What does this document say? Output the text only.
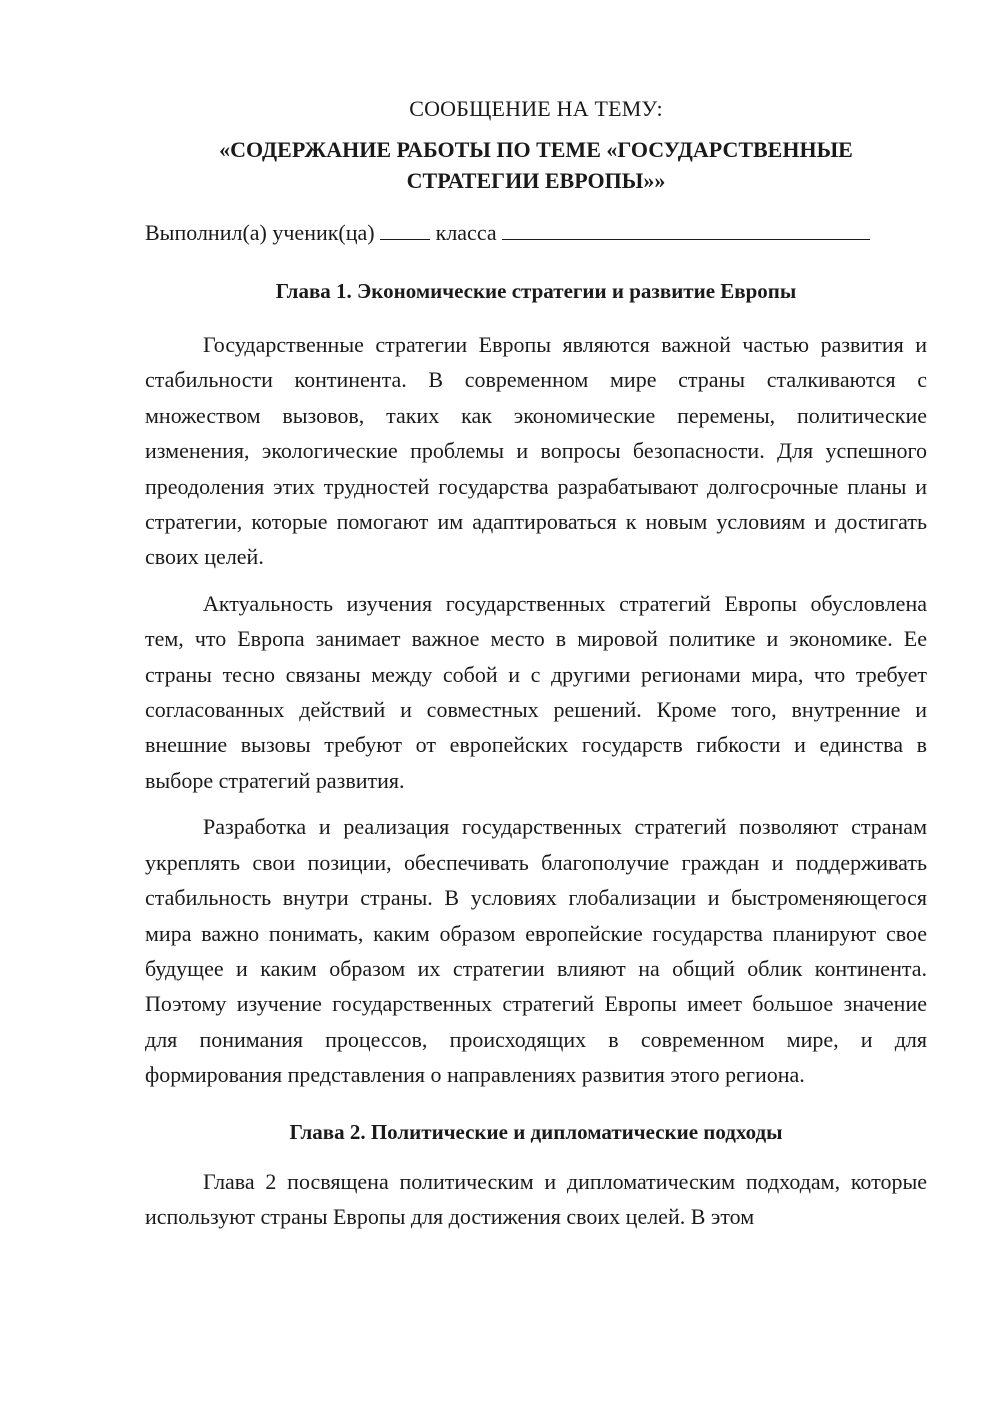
СООБЩЕНИЕ НА ТЕМУ:

«СОДЕРЖАНИЕ РАБОТЫ ПО ТЕМЕ «ГОСУДАРСТВЕННЫЕ СТРАТЕГИИ ЕВРОПЫ»»

Выполнил(а) ученик(ца)	класса

Глава 1. Экономические стратегии и развитие Европы

Государственные стратегии Европы являются важной частью развития и стабильности континента. В современном мире страны сталкиваются с множеством вызовов, таких как экономические перемены, политические изменения, экологические проблемы и вопросы безопасности. Для успешного преодоления этих трудностей государства разрабатывают долгосрочные планы и стратегии, которые помогают им адаптироваться к новым условиям и достигать своих целей.

Актуальность изучения государственных стратегий Европы обусловлена тем, что Европа занимает важное место в мировой политике и экономике. Ее страны тесно связаны между собой и с другими регионами мира, что требует согласованных действий и совместных решений. Кроме того, внутренние и внешние вызовы требуют от европейских государств гибкости и единства в выборе стратегий развития.

Разработка и реализация государственных стратегий позволяют странам укреплять свои позиции, обеспечивать благополучие граждан и поддерживать стабильность внутри страны. В условиях глобализации и быстроменяющегося мира важно понимать, каким образом европейские государства планируют свое будущее и каким образом их стратегии влияют на общий облик континента. Поэтому изучение государственных стратегий Европы имеет большое значение для понимания процессов, происходящих в современном мире, и для формирования представления о направлениях развития этого региона.

Глава 2. Политические и дипломатические подходы

Глава 2 посвящена политическим и дипломатическим подходам, которые используют страны Европы для достижения своих целей. В этом
